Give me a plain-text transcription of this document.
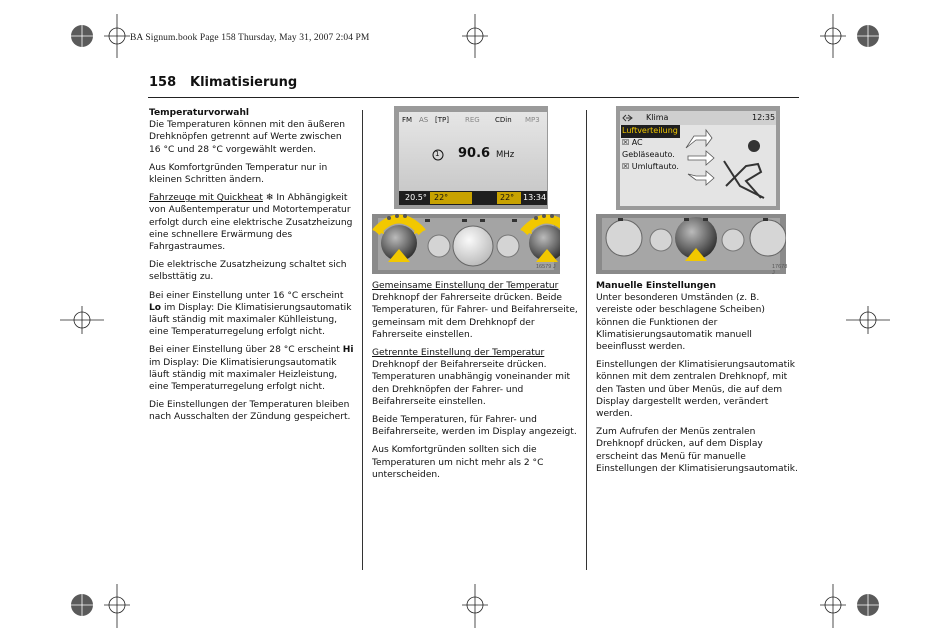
BA Signum.book Page 158 Thursday, May 31, 2007 2:04 PM
158 Klimatisierung

Temperaturvorwahl
Die Temperaturen können mit den äußeren Drehknöpfen getrennt auf Werte zwischen 16 °C und 28 °C vorgewählt werden.

Aus Komfortgründen Temperatur nur in kleinen Schritten ändern.

Fahrzeuge mit Quickheat ❄ In Abhängigkeit von Außentemperatur und Motortemperatur erfolgt durch eine elektrische Zusatzheizung eine schnellere Erwärmung des Fahrgastraumes.

Die elektrische Zusatzheizung schaltet sich selbsttätig zu.

Bei einer Einstellung unter 16 °C erscheint Lo im Display: Die Klimatisierungsautomatik läuft ständig mit maximaler Kühlleistung, eine Temperaturregelung erfolgt nicht.

Bei einer Einstellung über 28 °C erscheint Hi im Display: Die Klimatisierungsautomatik läuft ständig mit maximaler Heizleistung, eine Temperaturregelung erfolgt nicht.

Die Einstellungen der Temperaturen bleiben nach Ausschalten der Zündung gespeichert.

FM AS [TP] REG CDin MP3
1 90.6 MHz
20.5° 22°	22° 13:34
16579 J

Gemeinsame Einstellung der Temperatur
Drehknopf der Fahrerseite drücken. Beide Temperaturen, für Fahrer- und Beifahrerseite, gemeinsam mit dem Drehknopf der Fahrerseite einstellen.

Getrennte Einstellung der Temperatur
Drehknopf der Beifahrerseite drücken. Temperaturen unabhängig voneinander mit den Drehknöpfen der Fahrer- und Beifahrerseite einstellen.

Beide Temperaturen, für Fahrer- und Beifahrerseite, werden im Display angezeigt.

Aus Komfortgründen sollten sich die Temperaturen um nicht mehr als 2 °C unterscheiden.

Klima	12:35
Luftverteilung
☒ AC
Gebläseauto.
☒ Umluftauto.
17678 J

Manuelle Einstellungen
Unter besonderen Umständen (z. B. vereiste oder beschlagene Scheiben) können die Funktionen der Klimatisierungsautomatik manuell beeinflusst werden.

Einstellungen der Klimatisierungsautomatik können mit dem zentralen Drehknopf, mit den Tasten und über Menüs, die auf dem Display dargestellt werden, verändert werden.

Zum Aufrufen der Menüs zentralen Drehknopf drücken, auf dem Display erscheint das Menü für manuelle Einstellungen der Klimatisierungsautomatik.
